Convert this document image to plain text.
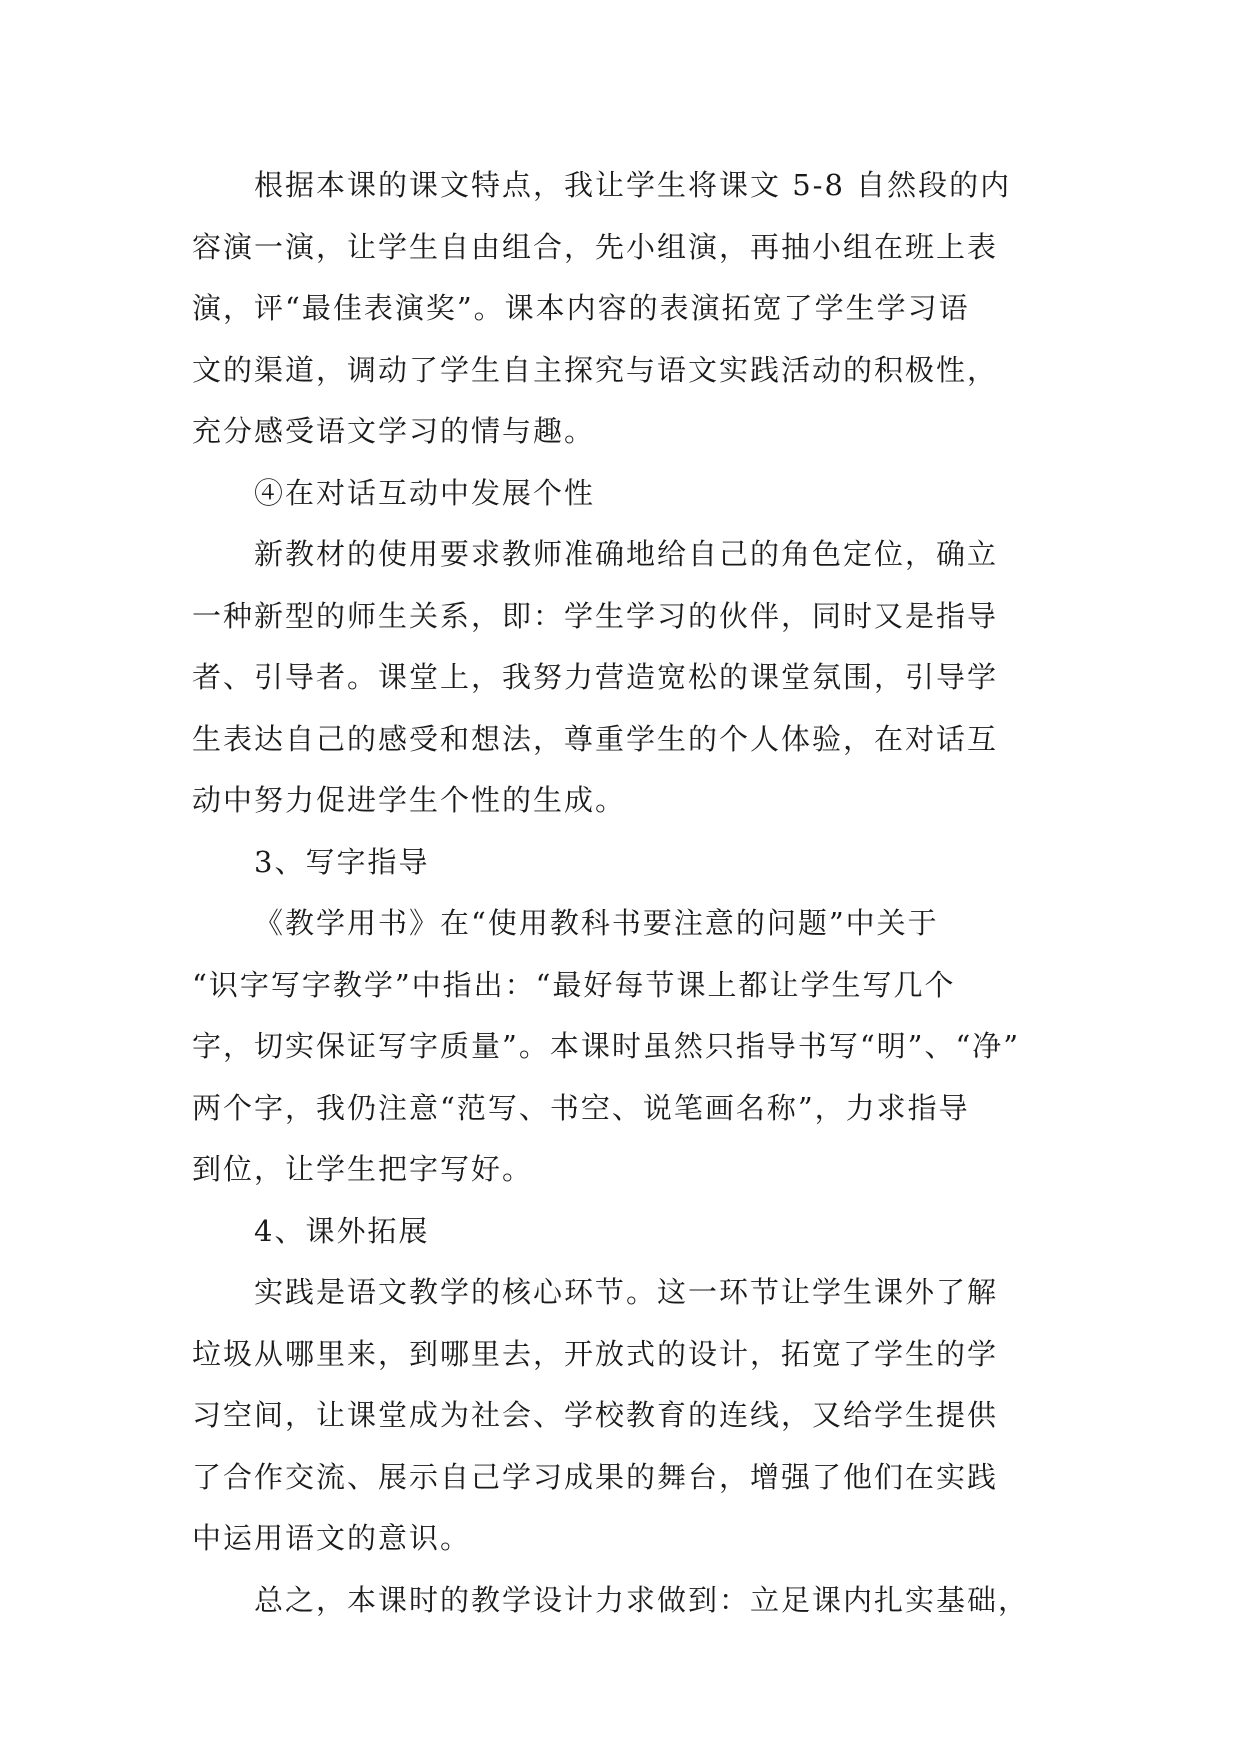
根据本课的课文特点，我让学生将课文 5-8 自然段的内
容演一演，让学生自由组合，先小组演，再抽小组在班上表
演，评“最佳表演奖”。课本内容的表演拓宽了学生学习语
文的渠道，调动了学生自主探究与语文实践活动的积极性，
充分感受语文学习的情与趣。
④在对话互动中发展个性
新教材的使用要求教师准确地给自己的角色定位，确立
一种新型的师生关系，即：学生学习的伙伴，同时又是指导
者、引导者。课堂上，我努力营造宽松的课堂氛围，引导学
生表达自己的感受和想法，尊重学生的个人体验，在对话互
动中努力促进学生个性的生成。
3、写字指导
《教学用书》在“使用教科书要注意的问题”中关于
“识字写字教学”中指出：“最好每节课上都让学生写几个
字，切实保证写字质量”。本课时虽然只指导书写“明”、“净”
两个字，我仍注意“范写、书空、说笔画名称”，力求指导
到位，让学生把字写好。
4、课外拓展
实践是语文教学的核心环节。这一环节让学生课外了解
垃圾从哪里来，到哪里去，开放式的设计，拓宽了学生的学
习空间，让课堂成为社会、学校教育的连线，又给学生提供
了合作交流、展示自己学习成果的舞台，增强了他们在实践
中运用语文的意识。
总之，本课时的教学设计力求做到：立足课内扎实基础，
